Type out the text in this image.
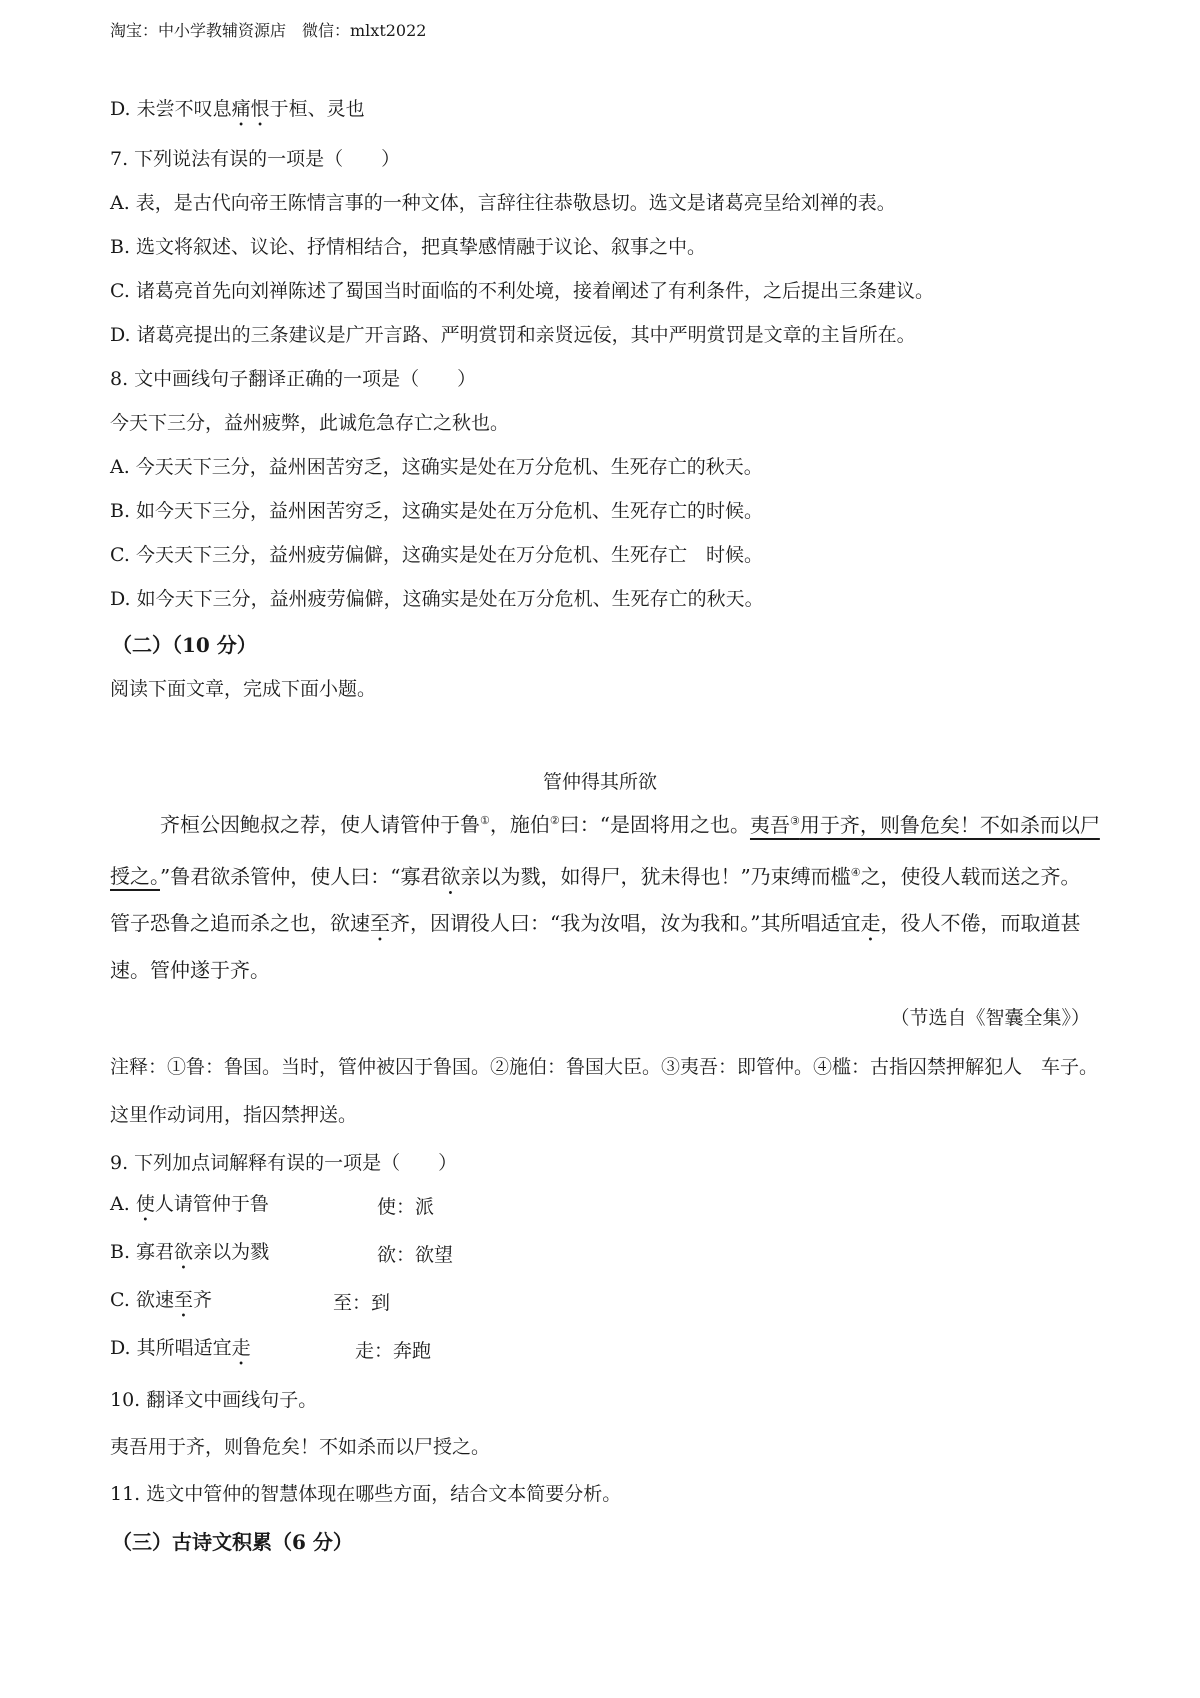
淘宝：中小学教辅资源店　微信：mlxt2022
D. 未尝不叹息痛恨于桓、灵也
7. 下列说法有误的一项是（　　）
A. 表，是古代向帝王陈情言事的一种文体，言辞往往恭敬恳切。选文是诸葛亮呈给刘禅的表。
B. 选文将叙述、议论、抒情相结合，把真挚感情融于议论、叙事之中。
C. 诸葛亮首先向刘禅陈述了蜀国当时面临的不利处境，接着阐述了有利条件，之后提出三条建议。
D. 诸葛亮提出的三条建议是广开言路、严明赏罚和亲贤远佞，其中严明赏罚是文章的主旨所在。
8. 文中画线句子翻译正确的一项是（　　）
今天下三分，益州疲弊，此诚危急存亡之秋也。
A. 今天天下三分，益州困苦穷乏，这确实是处在万分危机、生死存亡的秋天。
B. 如今天下三分，益州困苦穷乏，这确实是处在万分危机、生死存亡的时候。
C. 今天天下三分，益州疲劳偏僻，这确实是处在万分危机、生死存亡　时候。
D. 如今天下三分，益州疲劳偏僻，这确实是处在万分危机、生死存亡的秋天。
（二）（10 分）
阅读下面文章，完成下面小题。
管仲得其所欲
齐桓公因鲍叔之荐，使人请管仲于鲁①，施伯②曰：“是固将用之也。夷吾③用于齐，则鲁危矣！不如杀而以尸授之。”鲁君欲杀管仲，使人曰：“寡君欲亲以为戮，如得尸，犹未得也！”乃束缚而槛④之，使役人载而送之齐。管子恐鲁之追而杀之也，欲速至齐，因谓役人曰：“我为汝唱，汝为我和。”其所唱适宜走，役人不倦，而取道甚速。管仲遂于齐。
（节选自《智囊全集》）
注释：①鲁：鲁国。当时，管仲被囚于鲁国。②施伯：鲁国大臣。③夷吾：即管仲。④槛：古指囚禁押解犯人　车子。这里作动词用，指囚禁押送。
9. 下列加点词解释有误的一项是（　　）
A. 使人请管仲于鲁	使：派
B. 寡君欲亲以为戮	欲：欲望
C. 欲速至齐	至：到
D. 其所唱适宜走	走：奔跑
10. 翻译文中画线句子。
夷吾用于齐，则鲁危矣！不如杀而以尸授之。
11. 选文中管仲的智慧体现在哪些方面，结合文本简要分析。
（三）古诗文积累（6 分）
